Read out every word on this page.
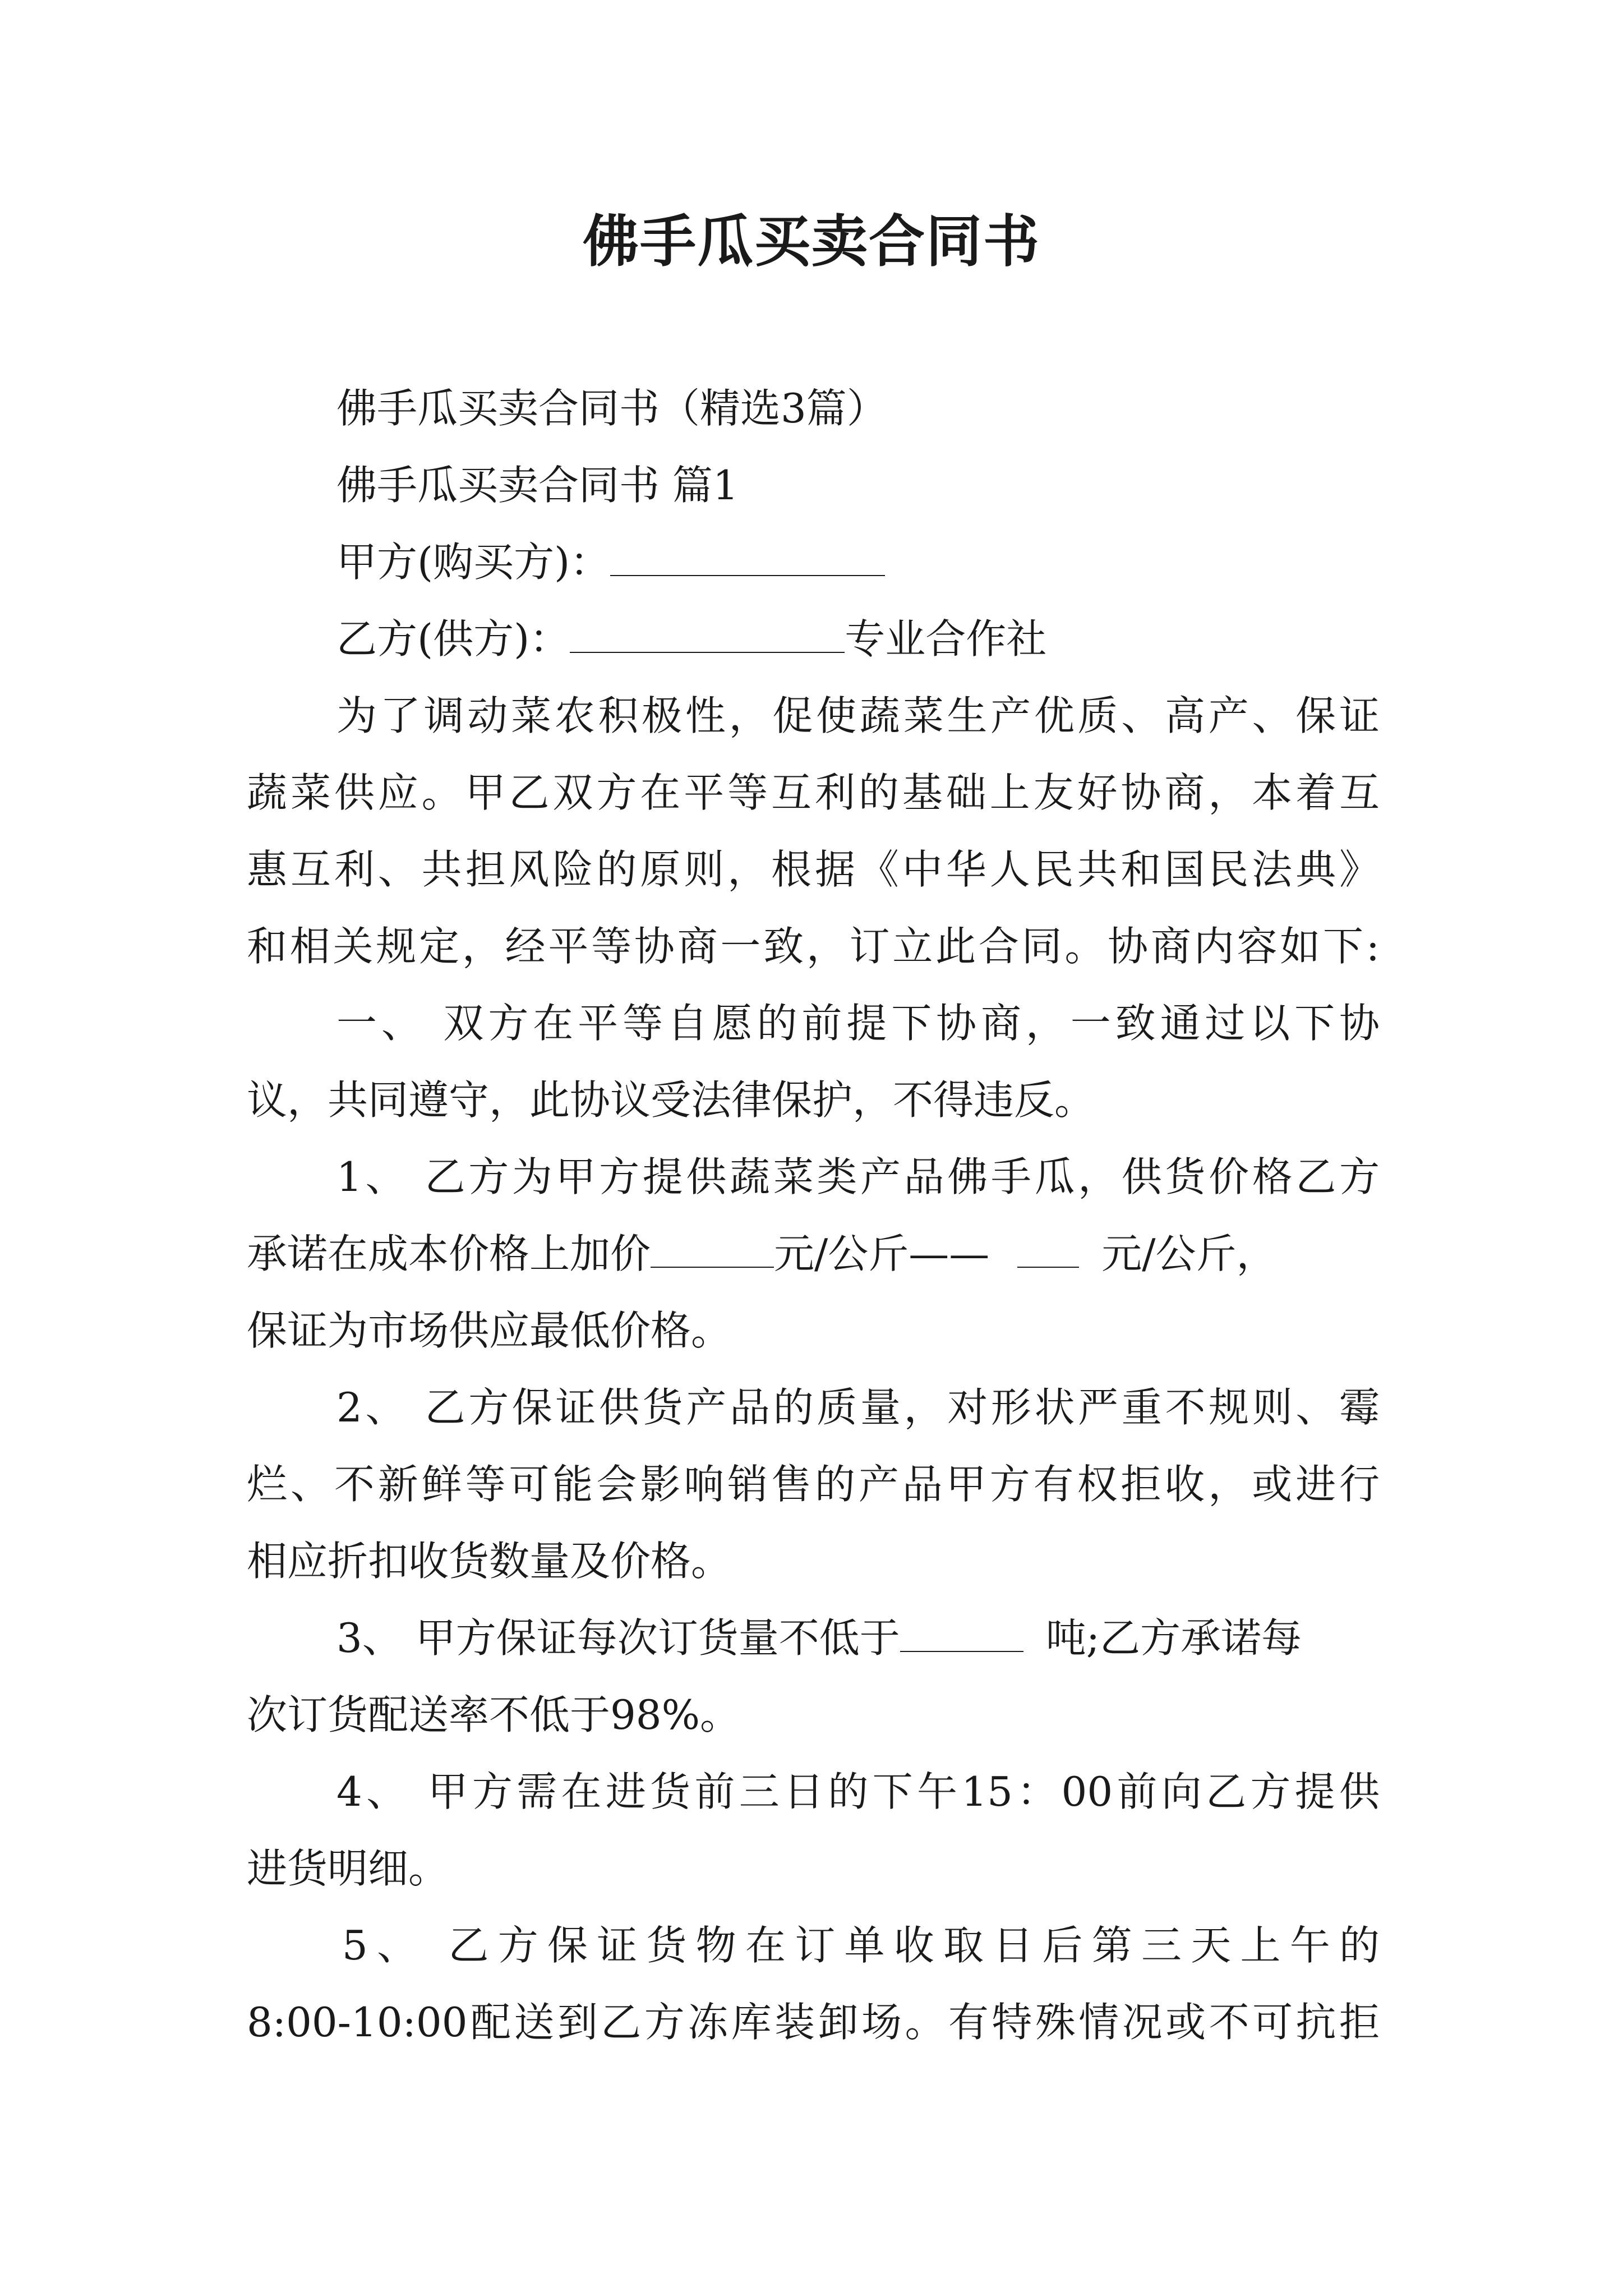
佛手瓜买卖合同书
佛手瓜买卖合同书（精选3篇）
佛手瓜买卖合同书 篇1
甲方(购买方)：
乙方(供方)：	专业合作社
为了调动菜农积极性，促使蔬菜生产优质、高产、保证
蔬菜供应。甲乙双方在平等互利的基础上友好协商，本着互
惠互利、共担风险的原则，根据《中华人民共和国民法典》
和相关规定，经平等协商一致，订立此合同。协商内容如下:
一、 双方在平等自愿的前提下协商，一致通过以下协
议，共同遵守，此协议受法律保护，不得违反。
1、 乙方为甲方提供蔬菜类产品佛手瓜，供货价格乙方
承诺在成本价格上加价	元/公斤——	元/公斤，
保证为市场供应最低价格。
2、 乙方保证供货产品的质量，对形状严重不规则、霉
烂、不新鲜等可能会影响销售的产品甲方有权拒收，或进行
相应折扣收货数量及价格。
3、 甲方保证每次订货量不低于	吨;乙方承诺每
次订货配送率不低于98%。
4、 甲方需在进货前三日的下午15：00前向乙方提供
进货明细。
5、 乙方保证货物在订单收取日后第三天上午的
8:00-10:00配送到乙方冻库装卸场。有特殊情况或不可抗拒
